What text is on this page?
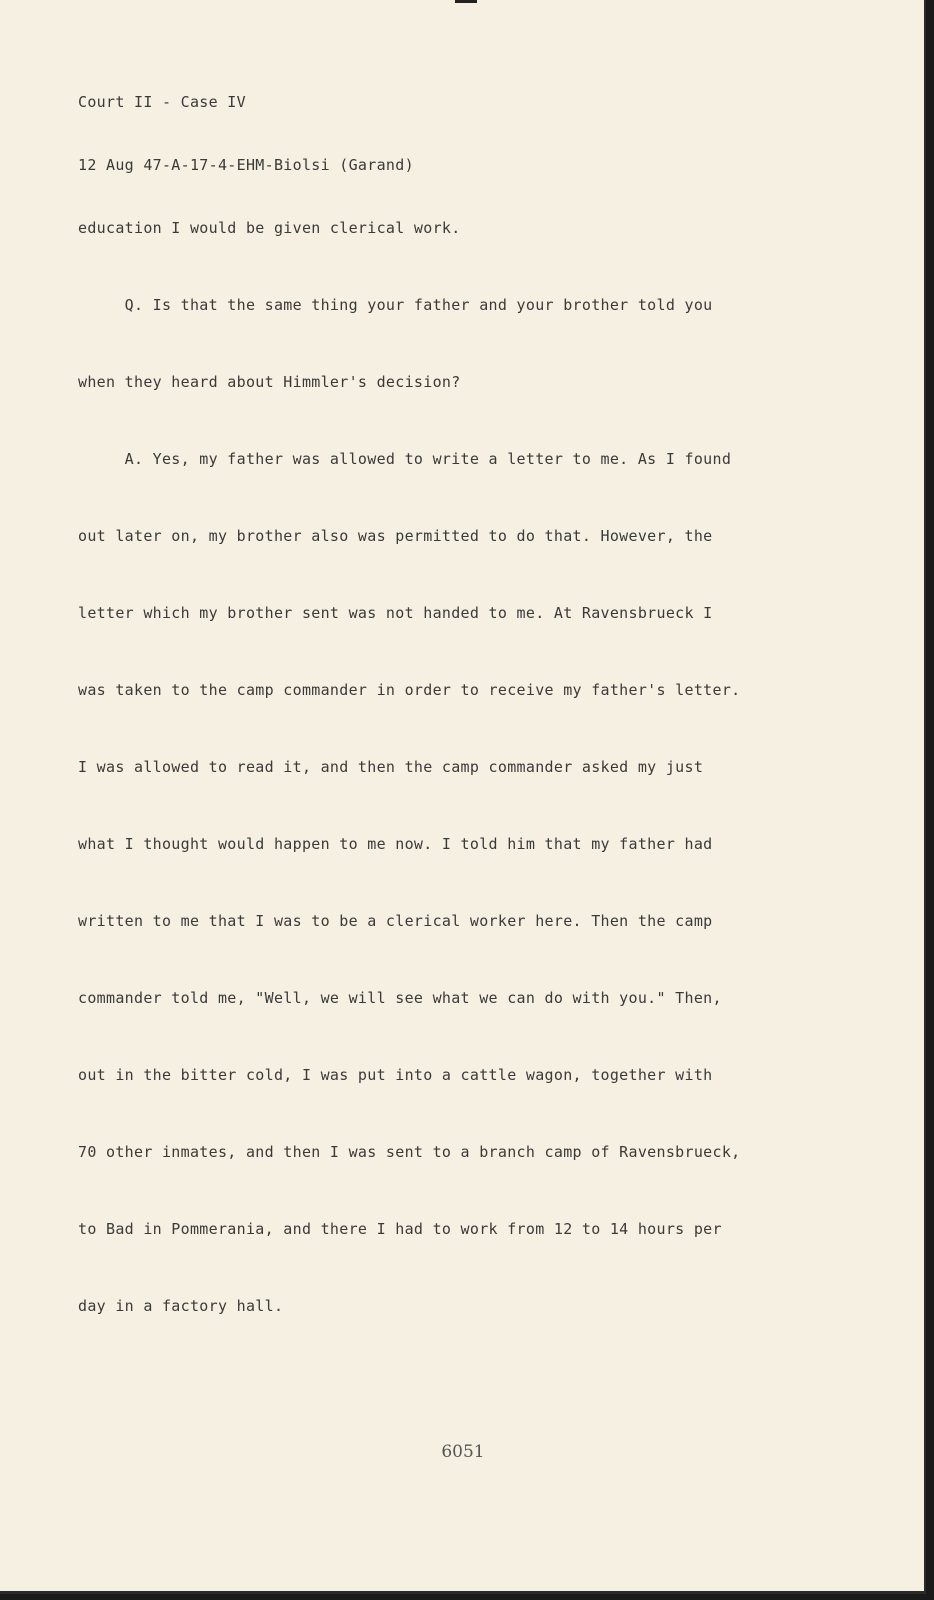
Court II - Case IV

12 Aug 47-A-17-4-EHM-Biolsi (Garand)

education I would be given clerical work.

Q. Is that the same thing your father and your brother told you

when they heard about Himmler's decision?

A. Yes, my father was allowed to write a letter to me. As I found

out later on, my brother also was permitted to do that. However, the

letter which my brother sent was not handed to me. At Ravensbrueck I

was taken to the camp commander in order to receive my father's letter.

I was allowed to read it, and then the camp commander asked my just

what I thought would happen to me now. I told him that my father had

written to me that I was to be a clerical worker here. Then the camp

commander told me, "Well, we will see what we can do with you." Then,

out in the bitter cold, I was put into a cattle wagon, together with

70 other inmates, and then I was sent to a branch camp of Ravensbrueck,

to Bad in Pommerania, and there I had to work from 12 to 14 hours per

day in a factory hall.

6051
